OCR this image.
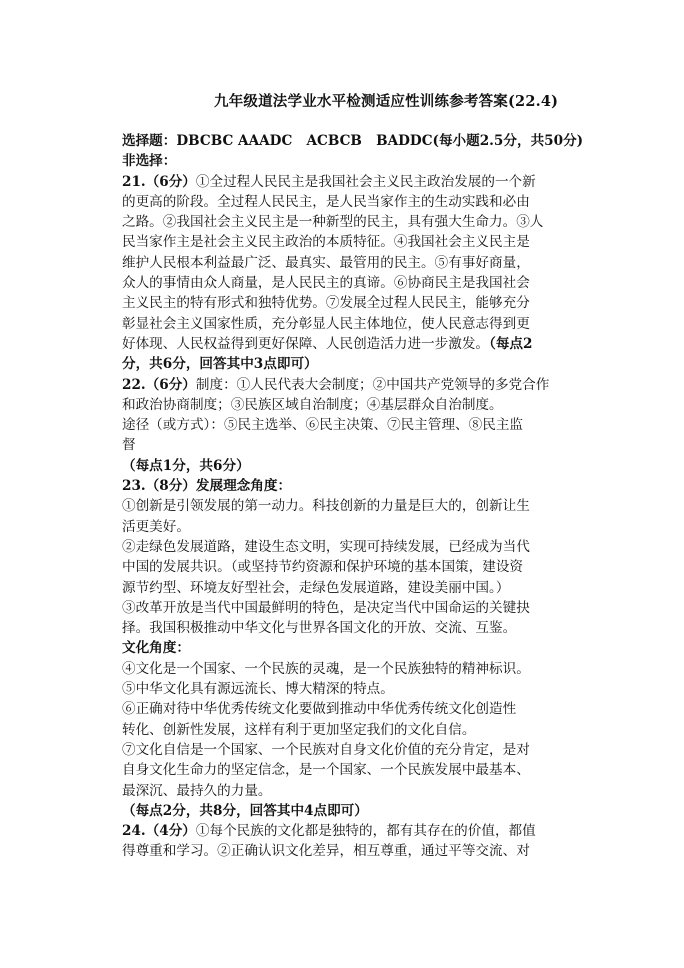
九年级道法学业水平检测适应性训练参考答案(22.4)
选择题：DBCBC AAADC   ACBCB   BADDC(每小题2.5分，共50分)
非选择：
21.（6分）①全过程人民民主是我国社会主义民主政治发展的一个新
的更高的阶段。全过程人民民主，是人民当家作主的生动实践和必由
之路。②我国社会主义民主是一种新型的民主，具有强大生命力。③人
民当家作主是社会主义民主政治的本质特征。④我国社会主义民主是
维护人民根本利益最广泛、最真实、最管用的民主。⑤有事好商量，
众人的事情由众人商量，是人民民主的真谛。⑥协商民主是我国社会
主义民主的特有形式和独特优势。⑦发展全过程人民民主，能够充分
彰显社会主义国家性质，充分彰显人民主体地位，使人民意志得到更
好体现、人民权益得到更好保障、人民创造活力进一步激发。（每点2
分，共6分，回答其中3点即可）
22.（6分）制度：①人民代表大会制度；②中国共产党领导的多党合作
和政治协商制度；③民族区域自治制度；④基层群众自治制度。
途径（或方式）：⑤民主选举、⑥民主决策、⑦民主管理、⑧民主监
督
（每点1分，共6分）
23.（8分）发展理念角度：
①创新是引领发展的第一动力。科技创新的力量是巨大的，创新让生
活更美好。
②走绿色发展道路，建设生态文明，实现可持续发展，已经成为当代
中国的发展共识。（或坚持节约资源和保护环境的基本国策，建设资
源节约型、环境友好型社会，走绿色发展道路，建设美丽中国。）
③改革开放是当代中国最鲜明的特色，是决定当代中国命运的关键抉
择。我国积极推动中华文化与世界各国文化的开放、交流、互鉴。
文化角度：
④文化是一个国家、一个民族的灵魂，是一个民族独特的精神标识。
⑤中华文化具有源远流长、博大精深的特点。
⑥正确对待中华优秀传统文化要做到推动中华优秀传统文化创造性
转化、创新性发展，这样有利于更加坚定我们的文化自信。
⑦文化自信是一个国家、一个民族对自身文化价值的充分肯定，是对
自身文化生命力的坚定信念，是一个国家、一个民族发展中最基本、
最深沉、最持久的力量。
（每点2分，共8分，回答其中4点即可）
24.（4分）①每个民族的文化都是独特的，都有其存在的价值，都值
得尊重和学习。②正确认识文化差异，相互尊重，通过平等交流、对
